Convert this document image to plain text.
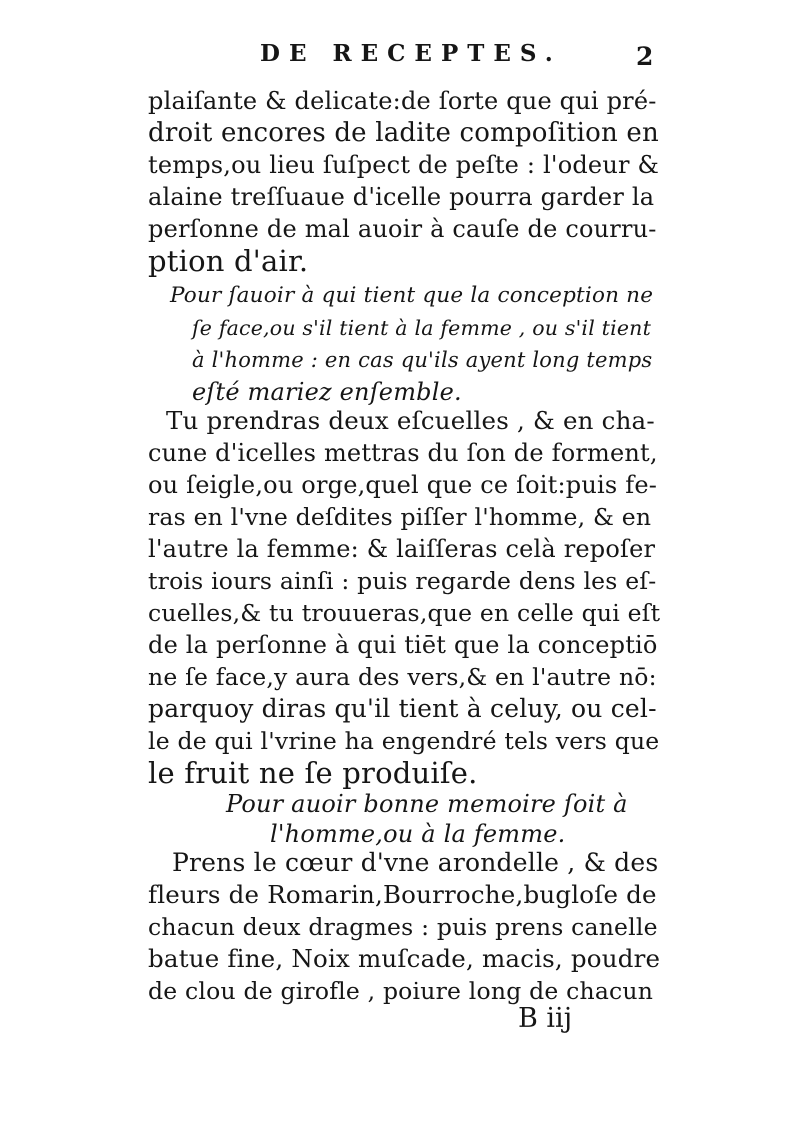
DE RECEPTES.	2
plaiſante & delicate:de ſorte que qui pré-
droit encores de ladite compoſition en
temps,ou lieu ſuſpect de peſte : l'odeur &
alaine treſſuaue d'icelle pourra garder la
perſonne de mal auoir à cauſe de courru-
ption d'air.
Pour ſauoir à qui tient que la conception ne
ſe face,ou s'il tient à la femme , ou s'il tient
à l'homme : en cas qu'ils ayent long temps
eſté mariez enſemble.
Tu prendras deux eſcuelles , & en cha-
cune d'icelles mettras du ſon de forment,
ou ſeigle,ou orge,quel que ce ſoit:puis fe-
ras en l'vne deſdites piſſer l'homme, & en
l'autre la femme: & laiſſeras celà repoſer
trois iours ainſi : puis regarde dens les eſ-
cuelles,& tu trouueras,que en celle qui eſt
de la perſonne à qui tiēt que la conceptiō
ne ſe face,y aura des vers,& en l'autre nō:
parquoy diras qu'il tient à celuy, ou cel-
le de qui l'vrine ha engendré tels vers que
le fruit ne ſe produiſe.
Pour auoir bonne memoire ſoit à
l'homme,ou à la femme.
Prens le cœur d'vne arondelle , & des
fleurs de Romarin,Bourroche,bugloſe de
chacun deux dragmes : puis prens canelle
batue fine, Noix muſcade, macis, poudre
de clou de girofle , poiure long de chacun
B iij
